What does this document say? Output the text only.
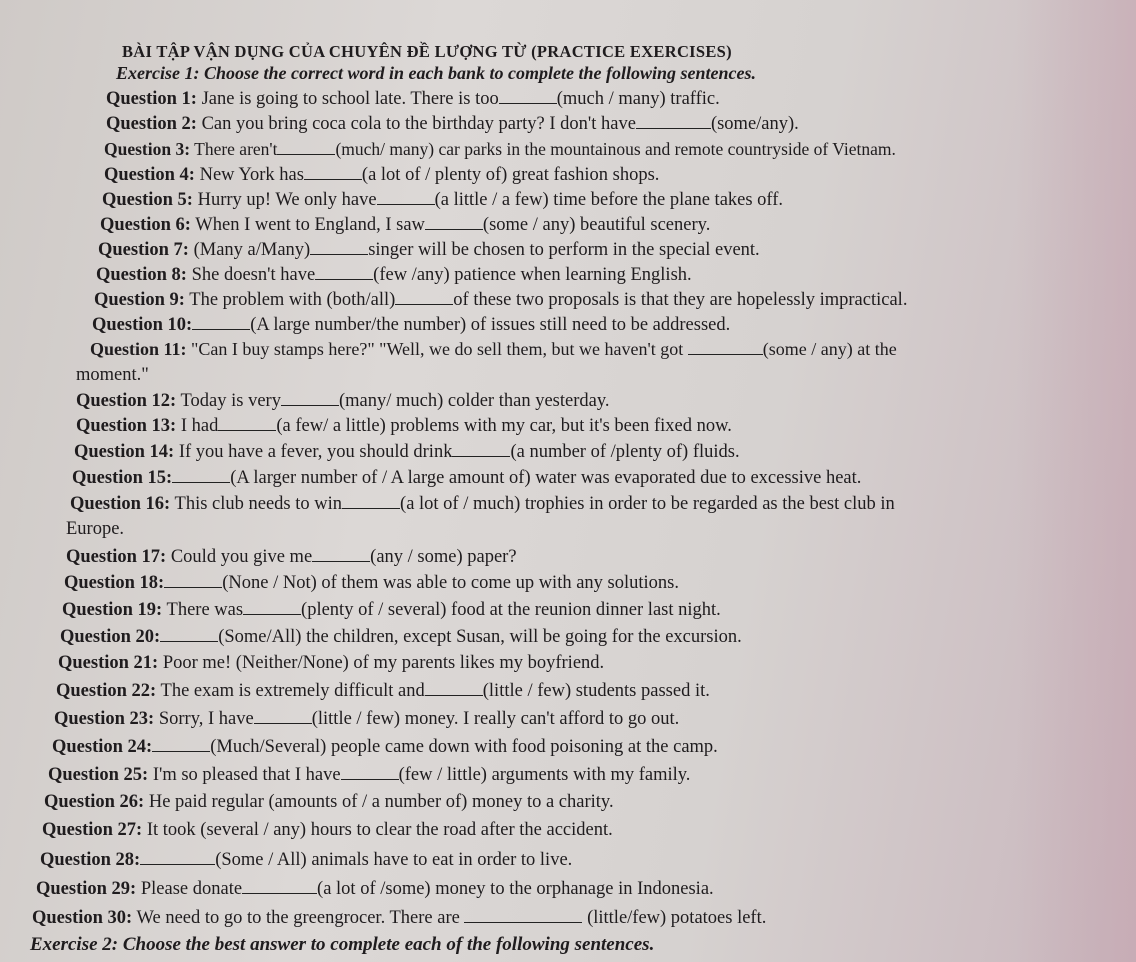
BÀI TẬP VẬN DỤNG CỦA CHUYÊN ĐỀ LƯỢNG TỪ (PRACTICE EXERCISES)
Exercise 1: Choose the correct word in each bank to complete the following sentences.
Question 1: Jane is going to school late. There is too	(much / many) traffic.
Question 2: Can you bring coca cola to the birthday party? I don't have	(some/any).
Question 3: There aren't	(much/ many) car parks in the mountainous and remote countryside of Vietnam.
Question 4: New York has	(a lot of / plenty of) great fashion shops.
Question 5: Hurry up! We only have	(a little / a few) time before the plane takes off.
Question 6: When I went to England, I saw	(some / any) beautiful scenery.
Question 7: (Many a/Many)	singer will be chosen to perform in the special event.
Question 8: She doesn't have	(few /any) patience when learning English.
Question 9: The problem with (both/all)	of these two proposals is that they are hopelessly impractical.
Question 10:	(A large number/the number) of issues still need to be addressed.
Question 11: "Can I buy stamps here?" "Well, we do sell them, but we haven't got	(some / any) at the
moment."
Question 12: Today is very	(many/ much) colder than yesterday.
Question 13: I had	(a few/ a little) problems with my car, but it's been fixed now.
Question 14: If you have a fever, you should drink	(a number of /plenty of) fluids.
Question 15:	(A larger number of / A large amount of) water was evaporated due to excessive heat.
Question 16: This club needs to win	(a lot of / much) trophies in order to be regarded as the best club in
Europe.
Question 17: Could you give me	(any / some) paper?
Question 18:	(None / Not) of them was able to come up with any solutions.
Question 19: There was	(plenty of / several) food at the reunion dinner last night.
Question 20:	(Some/All) the children, except Susan, will be going for the excursion.
Question 21: Poor me! (Neither/None) of my parents likes my boyfriend.
Question 22: The exam is extremely difficult and	(little / few) students passed it.
Question 23: Sorry, I have	(little / few) money. I really can't afford to go out.
Question 24:	(Much/Several) people came down with food poisoning at the camp.
Question 25: I'm so pleased that I have	(few / little) arguments with my family.
Question 26: He paid regular (amounts of / a number of) money to a charity.
Question 27: It took (several / any) hours to clear the road after the accident.
Question 28:	(Some / All) animals have to eat in order to live.
Question 29: Please donate	(a lot of /some) money to the orphanage in Indonesia.
Question 30: We need to go to the greengrocer. There are	(little/few) potatoes left.
Exercise 2: Choose the best answer to complete each of the following sentences.
